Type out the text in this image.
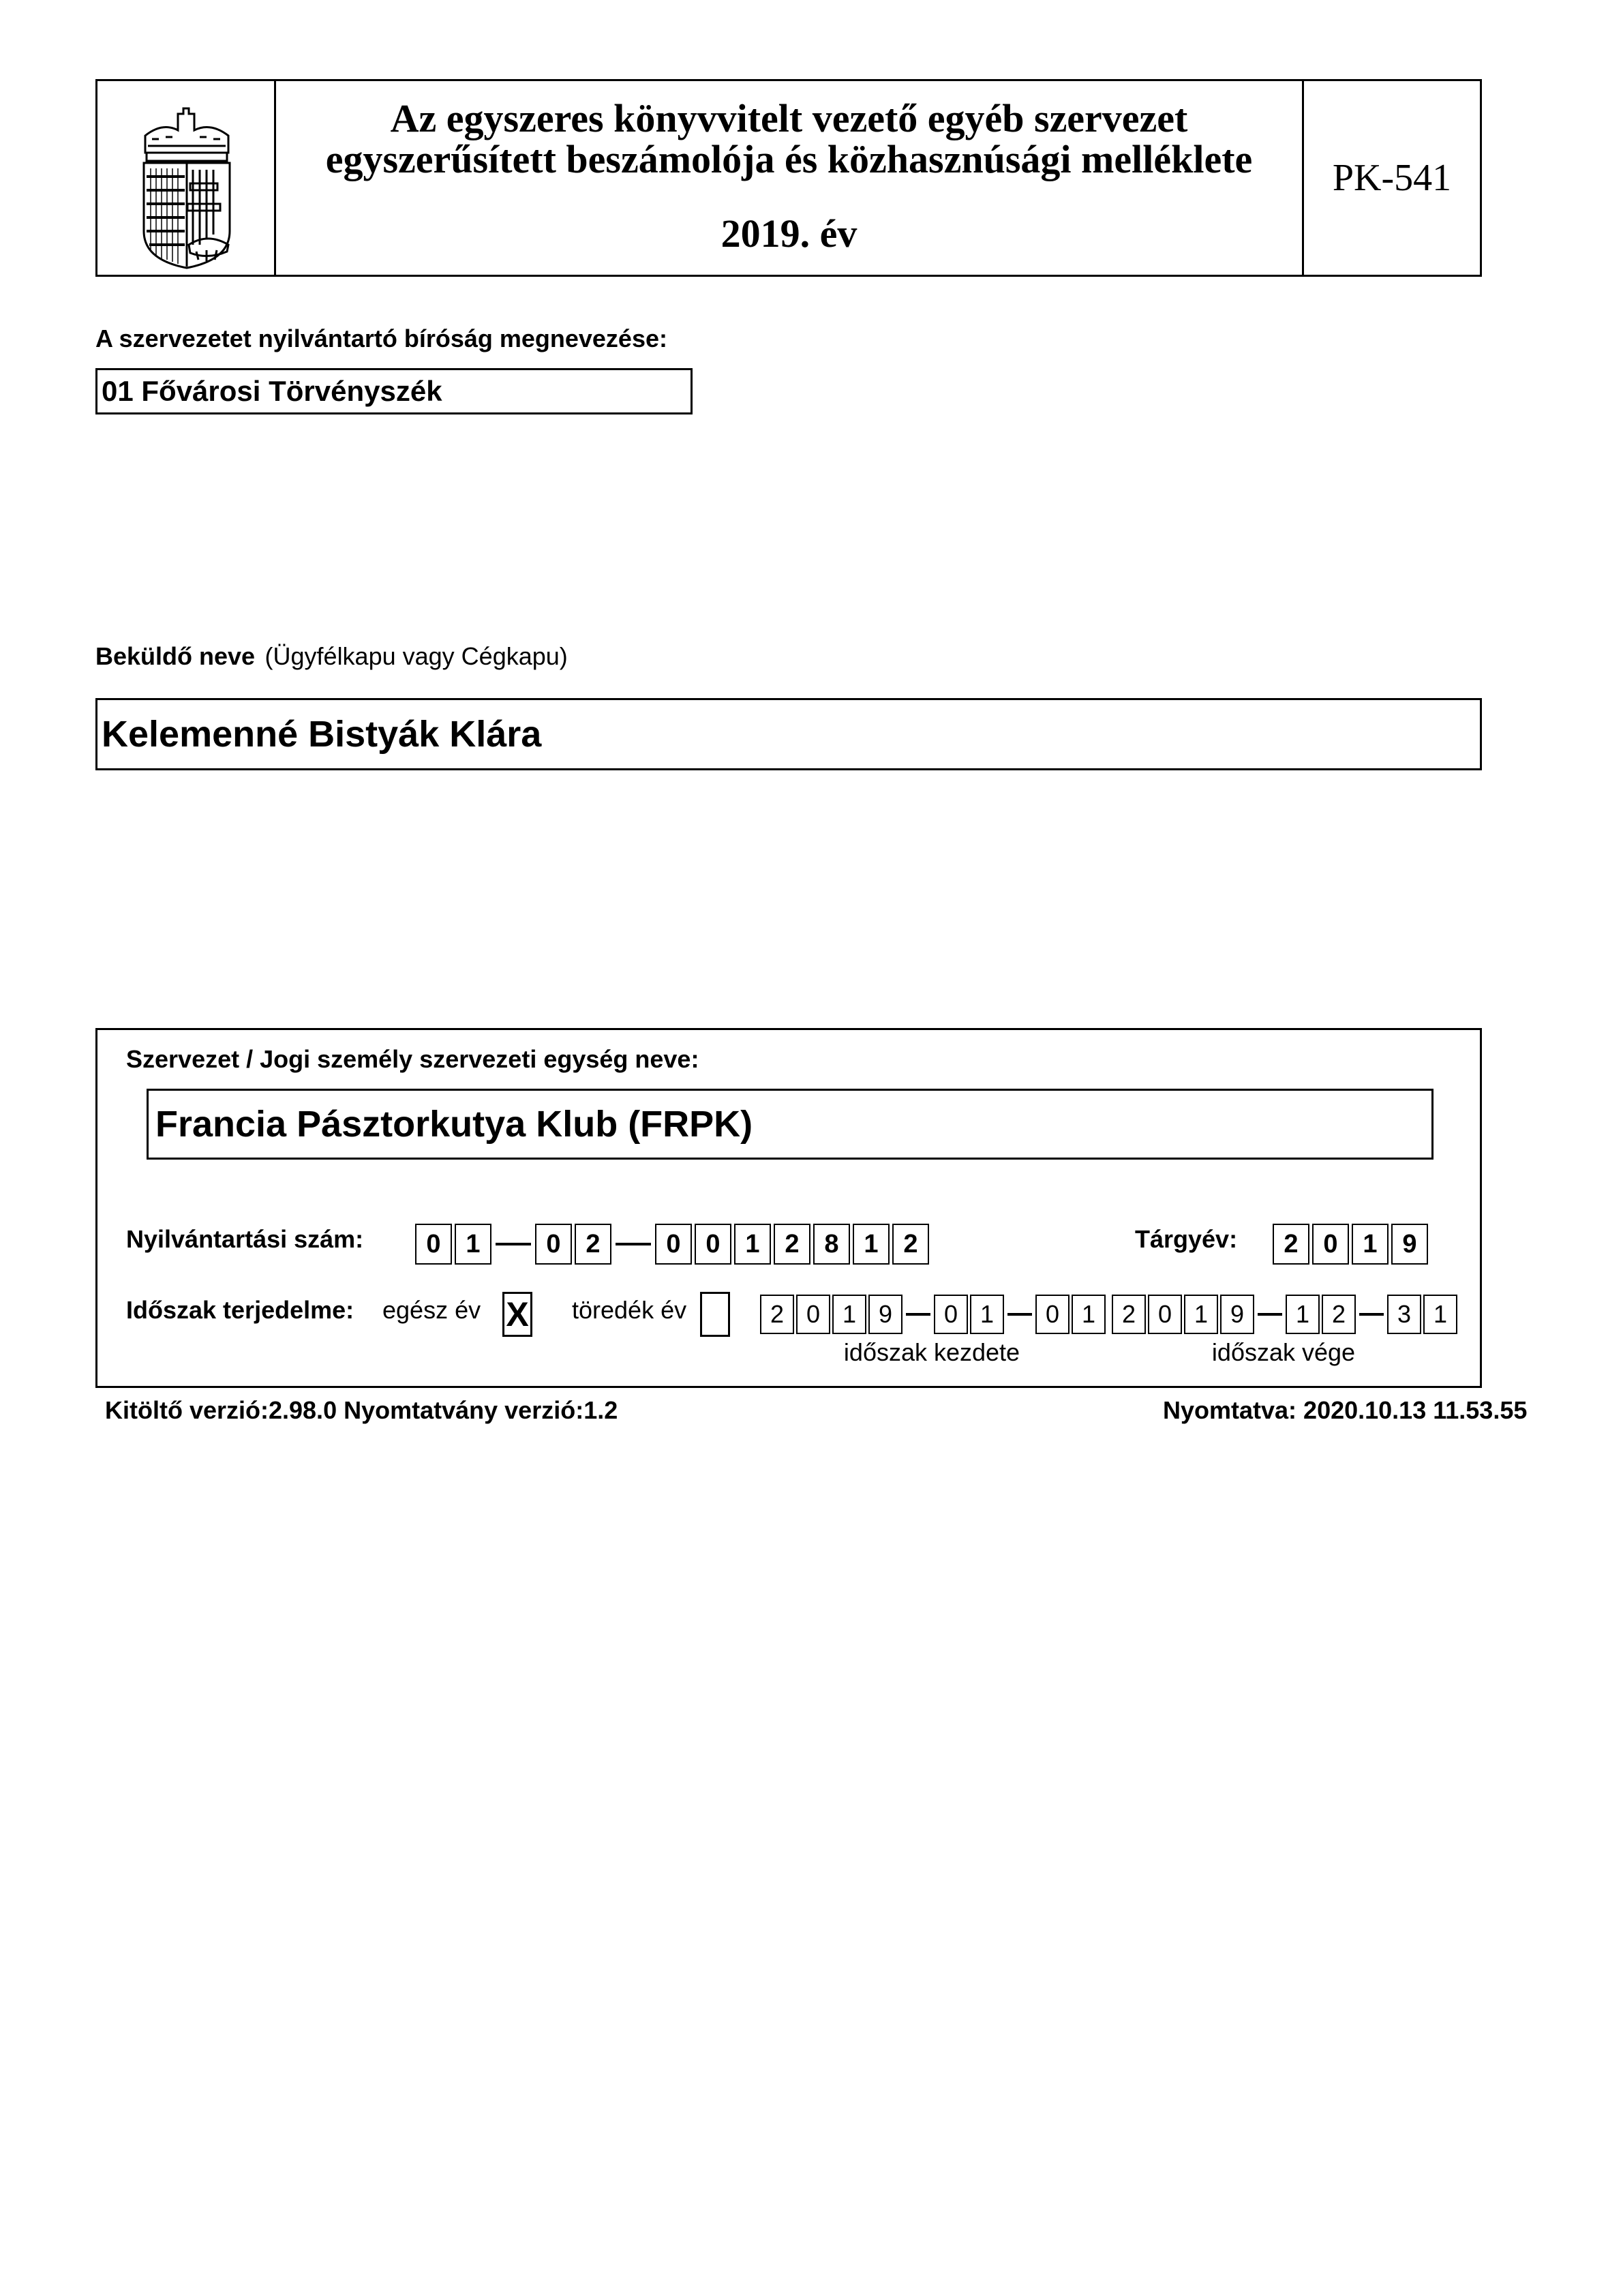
Az egyszeres könyvvitelt vezető egyéb szervezet
egyszerűsített beszámolója és közhasznúsági melléklete
2019. év
PK-541
A szervezetet nyilvántartó bíróság megnevezése:
01 Fővárosi Törvényszék
Beküldő neve (Ügyfélkapu vagy Cégkapu)
Kelemenné Bistyák Klára
Szervezet / Jogi személy szervezeti egység neve:
Francia Pásztorkutya Klub (FRPK)
Nyilvántartási szám:	0 1	0 2	0 0 1 2 8 1 2	Tárgyév:	2 0 1 9
Időszak terjedelme: egész év X töredék év	2 0 1 9	0 1	0 1
időszak kezdete
2 0 1 9	1 2	3 1
időszak vége
Kitöltő verzió:2.98.0 Nyomtatvány verzió:1.2	Nyomtatva: 2020.10.13 11.53.55
